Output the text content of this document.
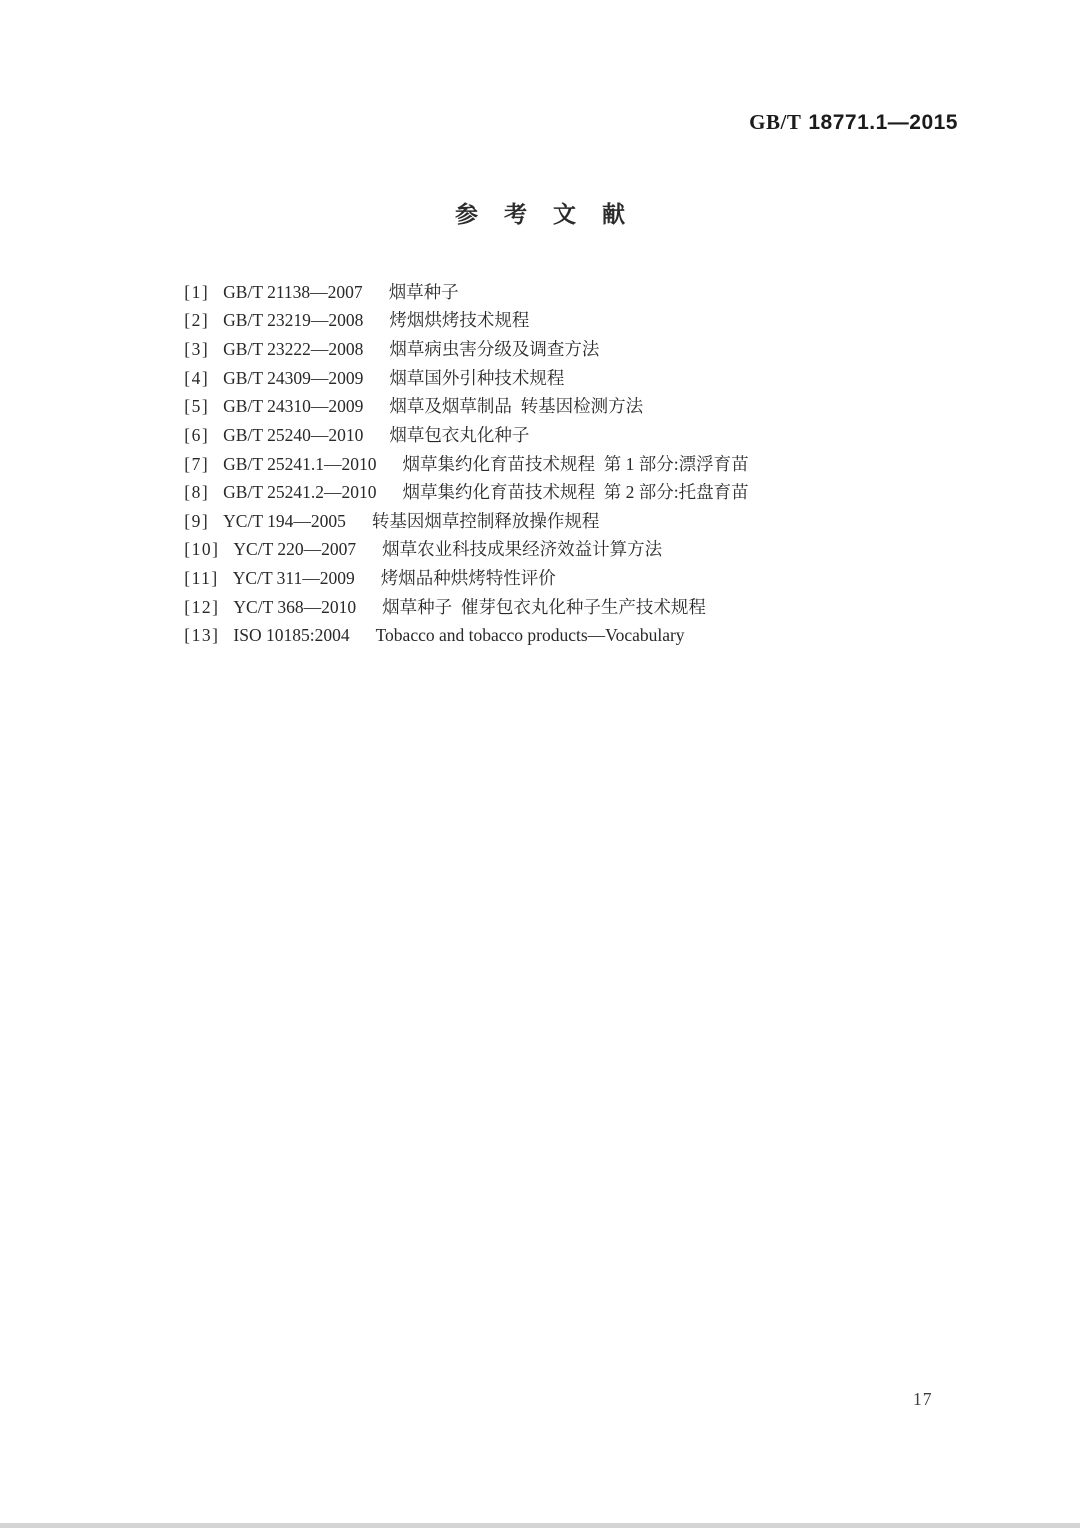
GB/T 18771.1—2015
参考文献

[1] GB/T 21138—2007 烟草种子

[2] GB/T 23219—2008 烤烟烘烤技术规程

[3] GB/T 23222—2008 烟草病虫害分级及调查方法

[4] GB/T 24309—2009 烟草国外引种技术规程

[5] GB/T 24310—2009 烟草及烟草制品  转基因检测方法

[6] GB/T 25240—2010 烟草包衣丸化种子

[7] GB/T 25241.1—2010 烟草集约化育苗技术规程  第 1 部分:漂浮育苗

[8] GB/T 25241.2—2010 烟草集约化育苗技术规程  第 2 部分:托盘育苗

[9] YC/T 194—2005 转基因烟草控制释放操作规程

[10] YC/T 220—2007 烟草农业科技成果经济效益计算方法

[11] YC/T 311—2009 烤烟品种烘烤特性评价

[12] YC/T 368—2010 烟草种子  催芽包衣丸化种子生产技术规程

[13] ISO 10185:2004 Tobacco and tobacco products—Vocabulary

17
